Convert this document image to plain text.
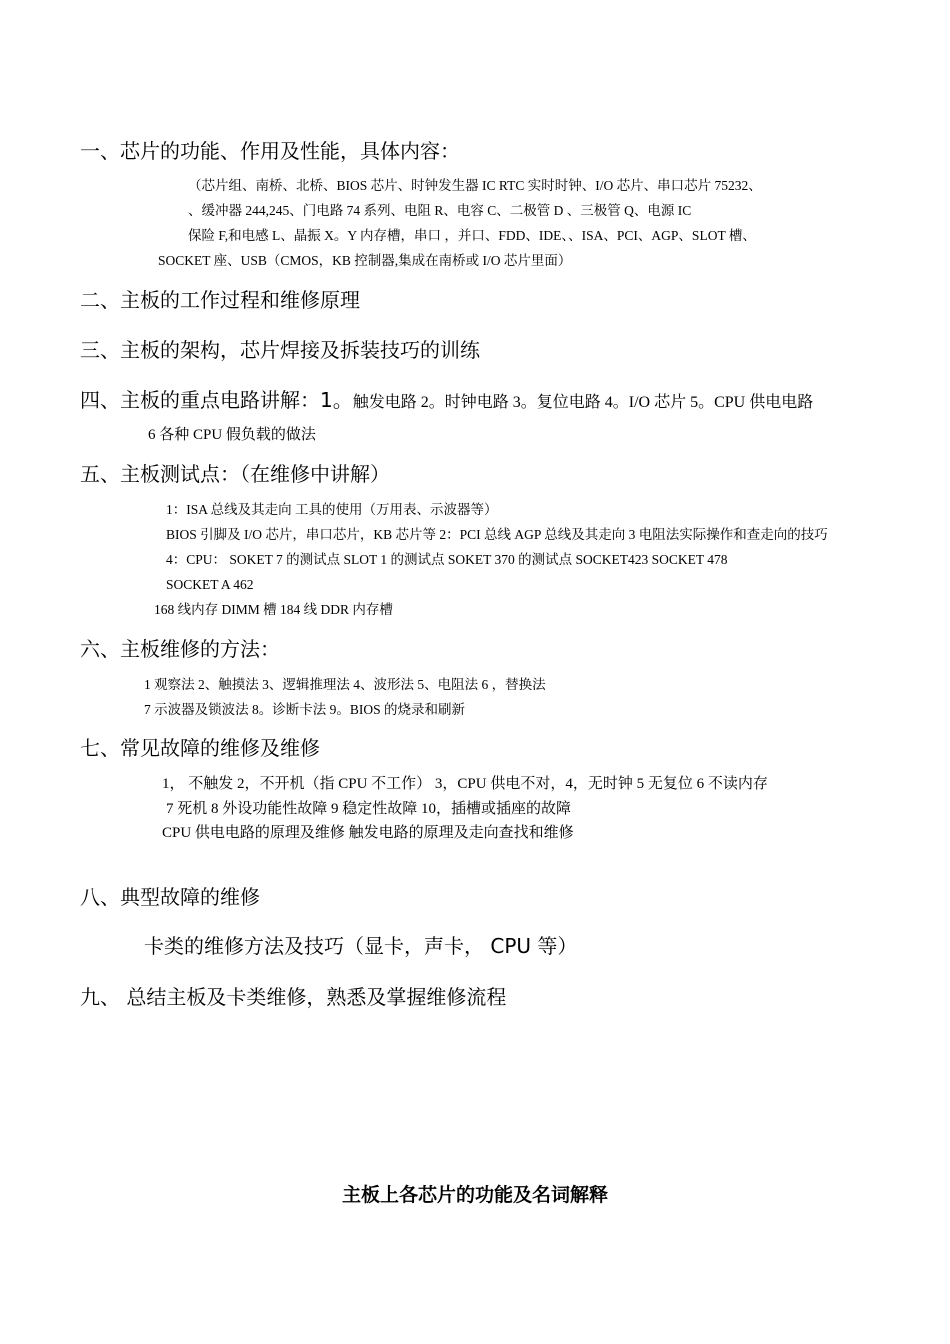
一、芯片的功能、作用及性能，具体内容：
（芯片组、南桥、北桥、BIOS 芯片、时钟发生器 IC RTC 实时时钟、I/O 芯片、串口芯片 75232、
、缓冲器 244,245、门电路 74 系列、电阻 R、电容 C、二极管 D 、三极管 Q、电源 IC
保险 F,和电感 L、晶振 X。Y 内存槽，串口 ，并口、FDD、IDE、、ISA、PCI、AGP、SLOT 槽、
SOCKET 座、USB（CMOS，KB 控制器,集成在南桥或 I/O 芯片里面）
二、主板的工作过程和维修原理
三、主板的架构，芯片焊接及拆装技巧的训练
四、主板的重点电路讲解：1。触发电路 2。时钟电路 3。复位电路 4。I/O 芯片 5。CPU 供电电路
6 各种 CPU 假负载的做法
五、主板测试点：（在维修中讲解）
1：ISA 总线及其走向 工具的使用（万用表、示波器等）
BIOS 引脚及 I/O 芯片，串口芯片，KB 芯片等 2：PCI 总线 AGP 总线及其走向 3 电阻法实际操作和查走向的技巧
4：CPU： SOKET 7 的测试点 SLOT 1 的测试点 SOKET 370 的测试点 SOCKET423 SOCKET 478
SOCKET A 462
168 线内存 DIMM 槽 184 线 DDR 内存槽
六、主板维修的方法：
1 观察法 2、触摸法 3、逻辑推理法 4、波形法 5、电阻法 6 ，替换法
7 示波器及锁波法 8。诊断卡法 9。BIOS 的烧录和刷新
七、常见故障的维修及维修
1， 不触发 2，不开机（指 CPU 不工作） 3，CPU 供电不对，4，无时钟 5 无复位 6 不读内存
7 死机 8 外设功能性故障 9 稳定性故障 10，插槽或插座的故障
CPU 供电电路的原理及维修 触发电路的原理及走向查找和维修
八、典型故障的维修
卡类的维修方法及技巧（显卡，声卡， CPU 等）
九、 总结主板及卡类维修，熟悉及掌握维修流程
主板上各芯片的功能及名词解释
